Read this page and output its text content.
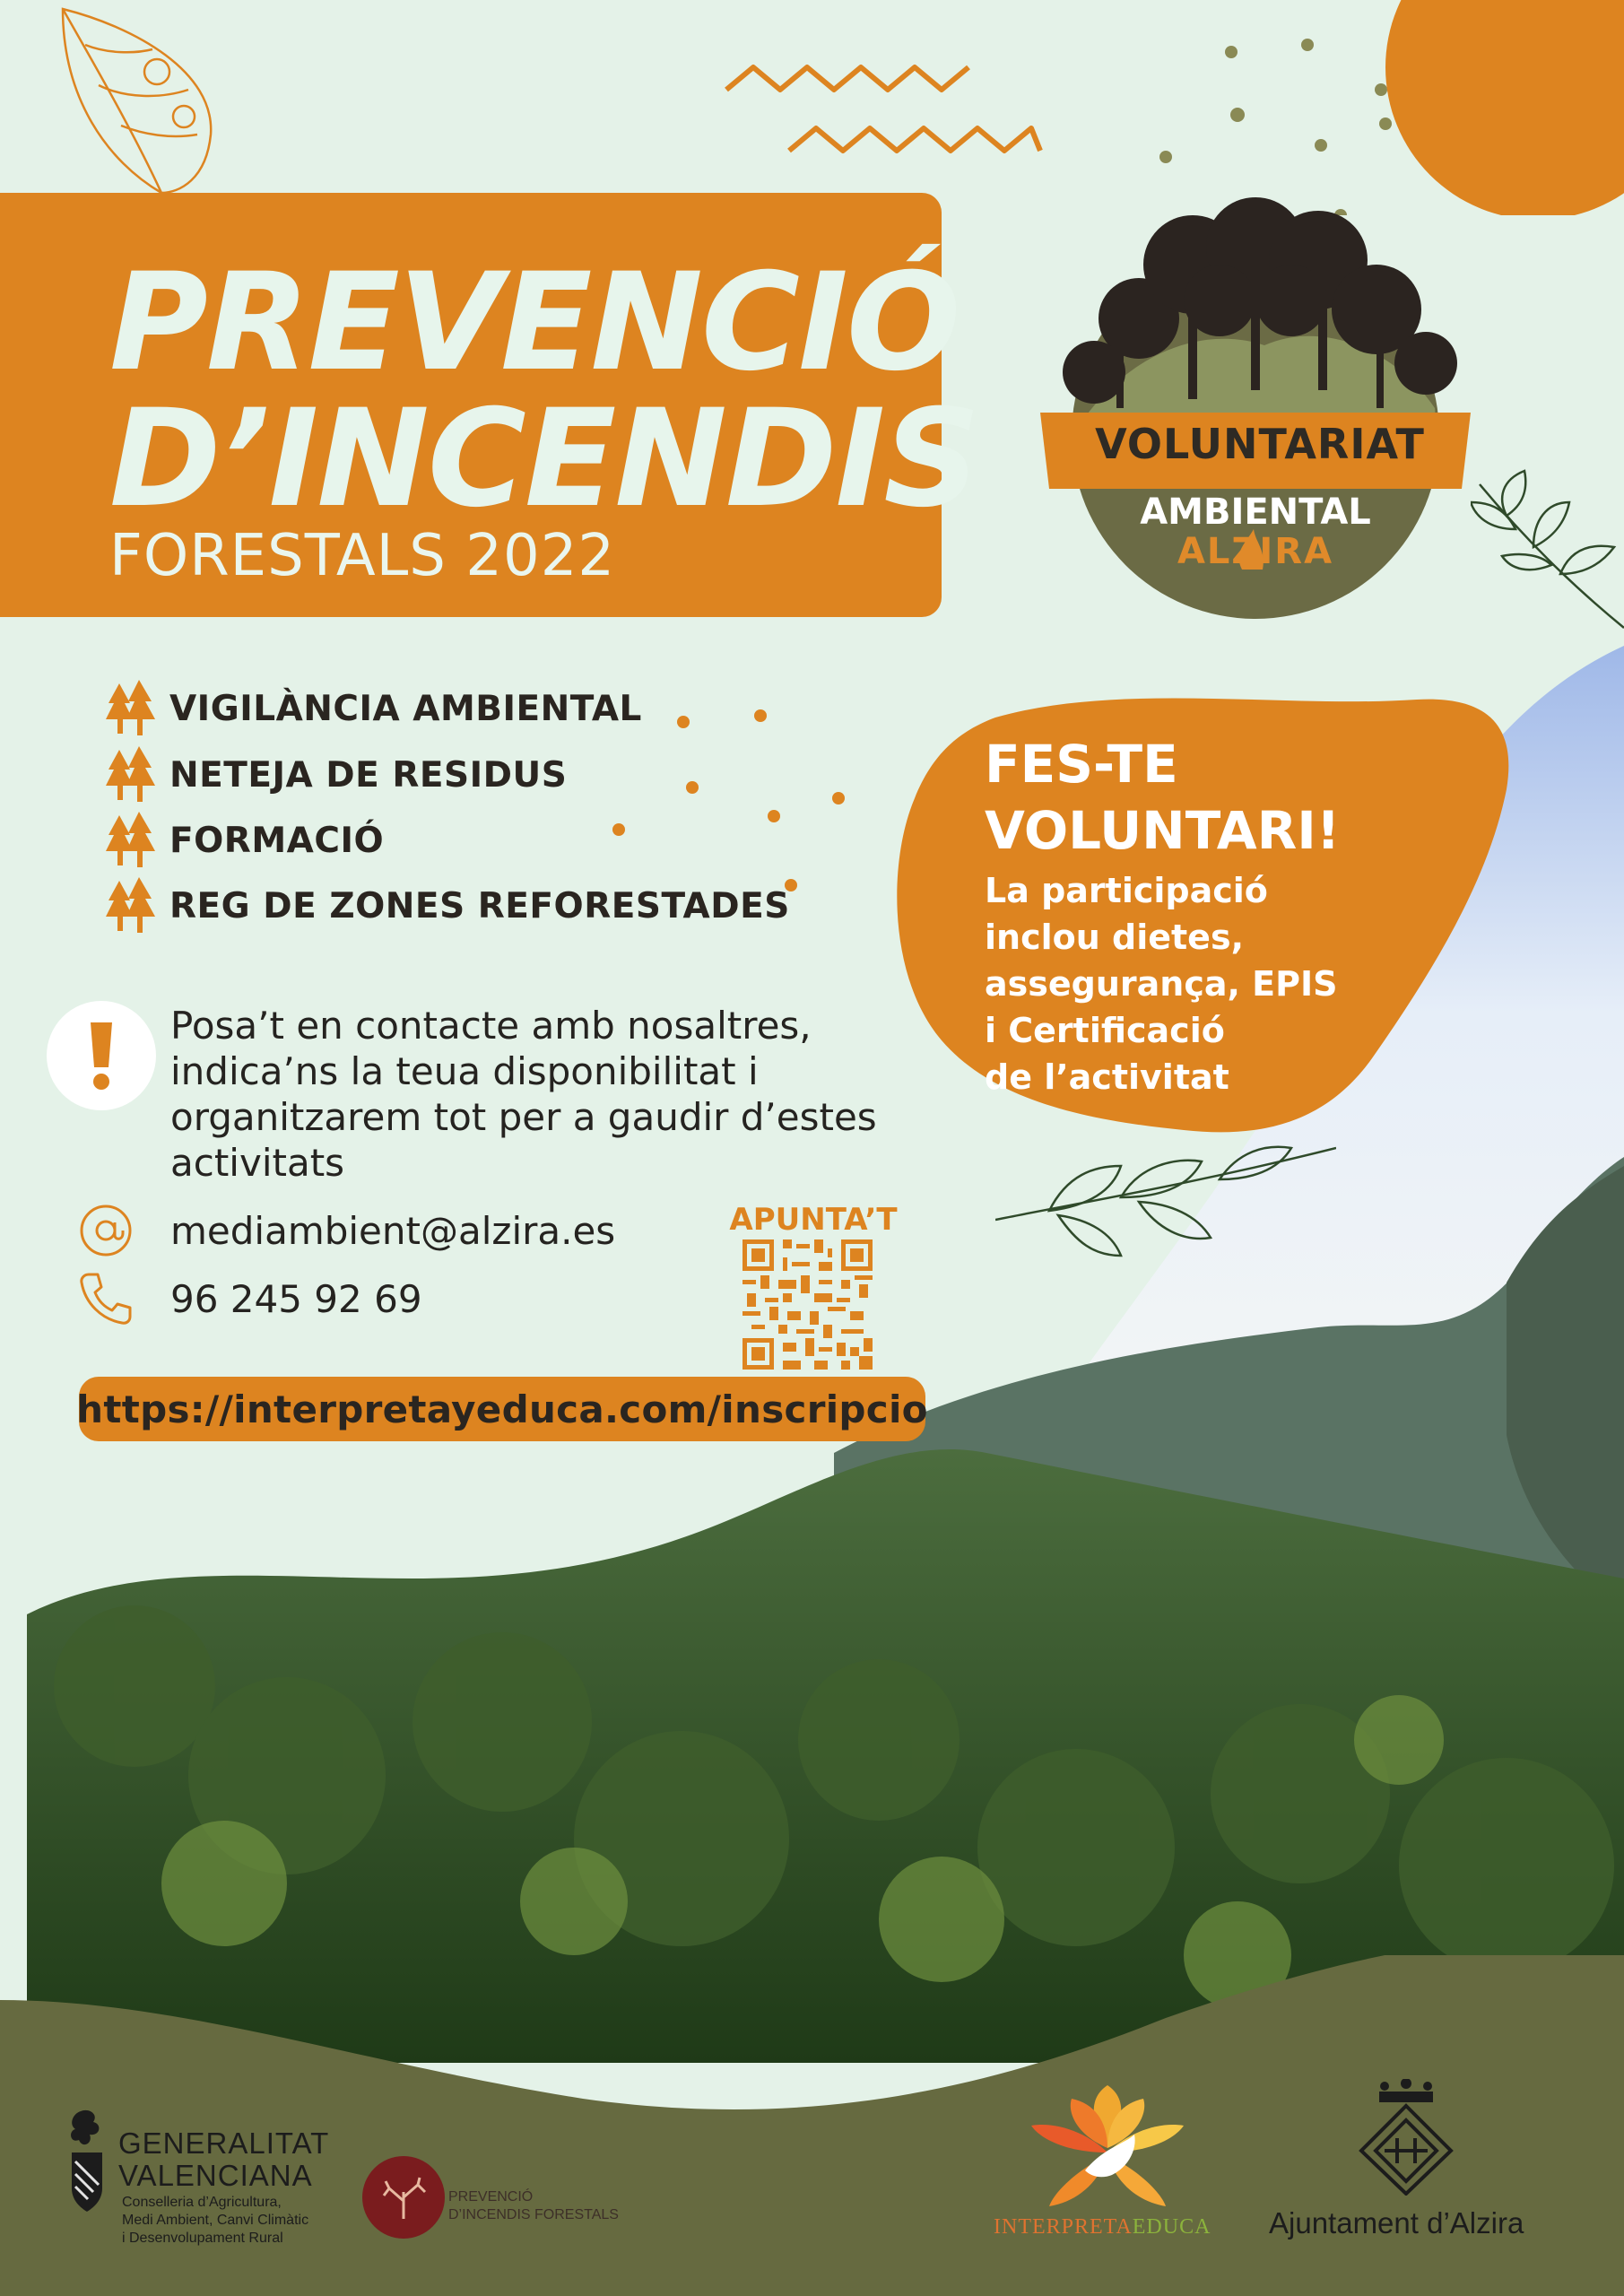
PREVENCIÓ
D’INCENDIS
FORESTALS 2022
VOLUNTARIAT
AMBIENTAL
ALZIRA
FES-TE
VOLUNTARI!
La participació
inclou dietes,
assegurança, EPIS
i Certificació
de l’activitat
VIGILÀNCIA AMBIENTAL
NETEJA DE RESIDUS
FORMACIÓ
REG DE ZONES REFORESTADES
Posa’t en contacte amb nosaltres,
indica’ns la teua disponibilitat i
organitzarem tot per a gaudir d’estes
activitats
mediambient@alzira.es
96 245 92 69
APUNTA’T
https://interpretayeduca.com/inscripcio
GENERALITAT
VALENCIANA
Conselleria d’Agricultura,
Medi Ambient, Canvi Climàtic
i Desenvolupament Rural
PREVENCIÓ
D’INCENDIS FORESTALS
INTERPRETAEDUCA Ajuntament d’Alzira
